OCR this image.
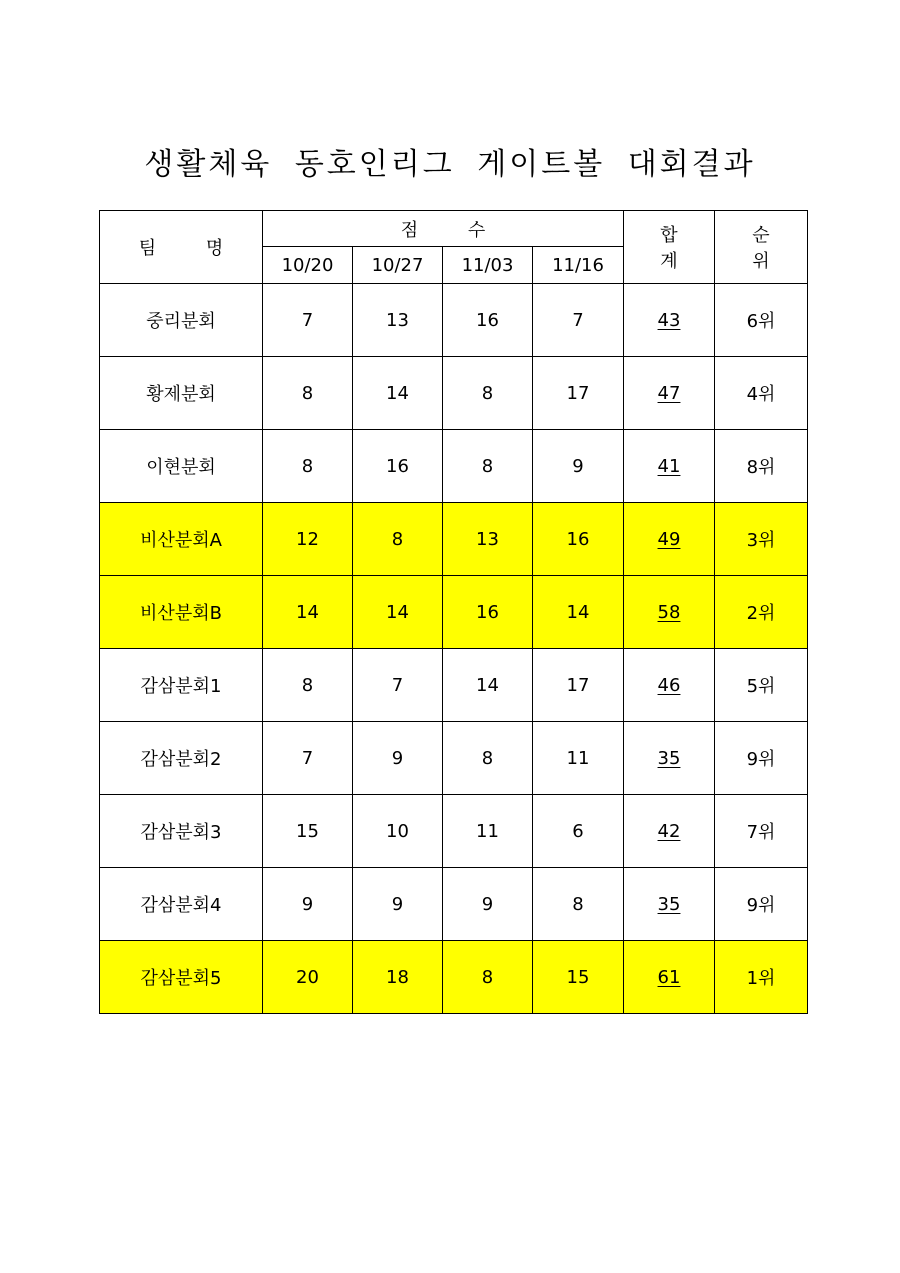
생활체육 동호인리그 게이트볼 대회결과
팀 명	점 수				합 계	순 위
	10/20	10/27	11/03	11/16		
중리분회	7	13	16	7	43	6위
황제분회	8	14	8	17	47	4위
이현분회	8	16	8	9	41	8위
비산분회A	12	8	13	16	49	3위
비산분회B	14	14	16	14	58	2위
감삼분회1	8	7	14	17	46	5위
감삼분회2	7	9	8	11	35	9위
감삼분회3	15	10	11	6	42	7위
감삼분회4	9	9	9	8	35	9위
감삼분회5	20	18	8	15	61	1위
